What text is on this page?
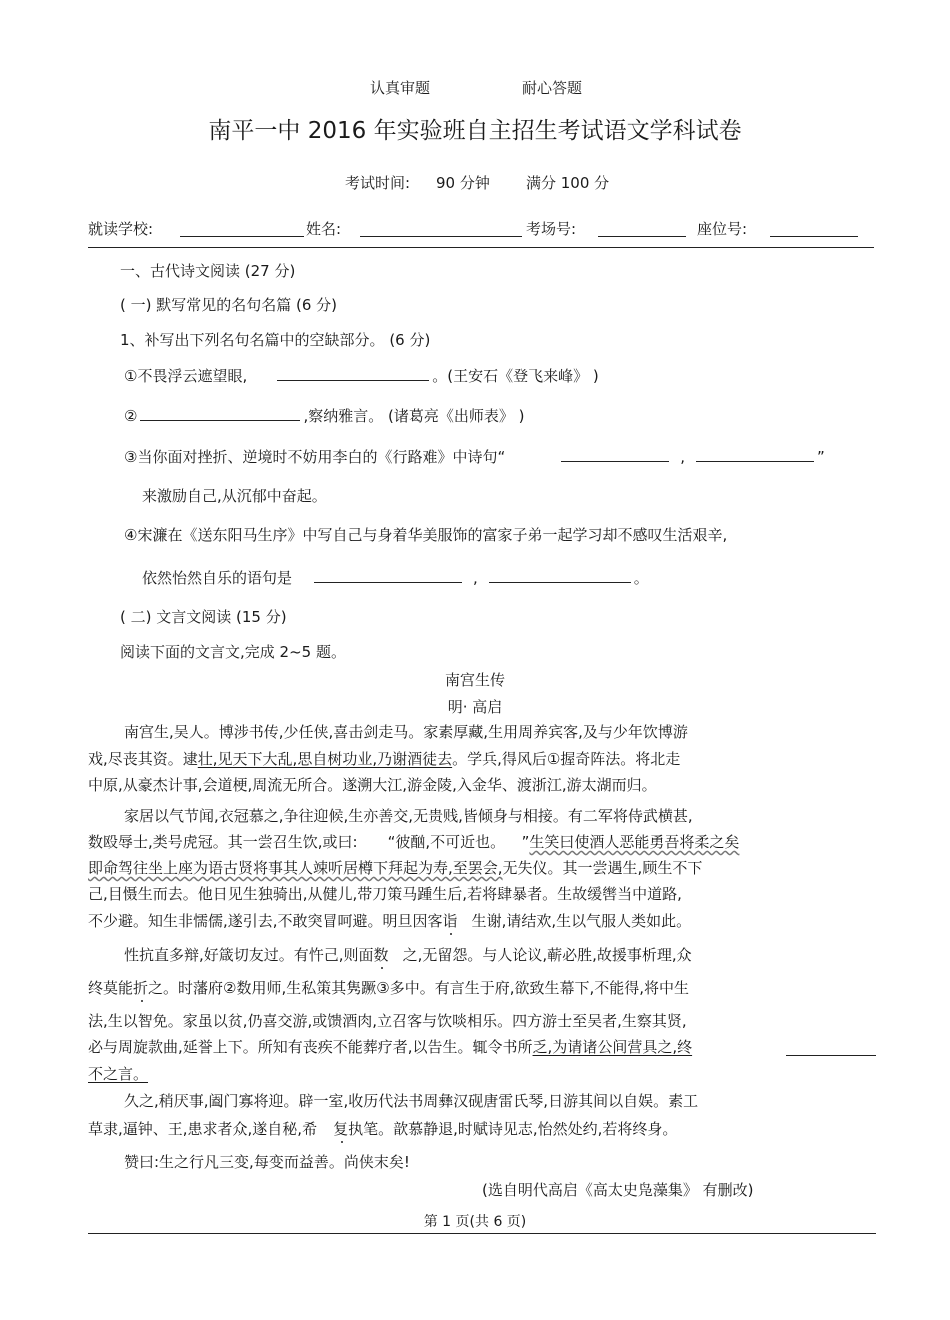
认真审题	耐心答题
南平一中 2016 年实验班自主招生考试语文学科试卷
考试时间: 90 分钟 满分 100 分
就读学校:	姓名:	考场号:	座位号:
一、古代诗文阅读 (27 分)
( 一) 默写常见的名句名篇 (6 分)
1、补写出下列名句名篇中的空缺部分。 (6 分)
①不畏浮云遮望眼,	。(王安石《登飞来峰》 )
②	,察纳雅言。 (诸葛亮《出师表》 )
③当你面对挫折、逆境时不妨用李白的《行路难》中诗句“	,	”
来激励自己,从沉郁中奋起。
④宋濂在《送东阳马生序》中写自己与身着华美服饰的富家子弟一起学习却不感叹生活艰辛,
依然怡然自乐的语句是	,	。
( 二) 文言文阅读 (15 分)
阅读下面的文言文,完成 2~5 题。
南宫生传
明· 高启
南宫生,吴人。博涉书传,少任侠,喜击剑走马。家素厚藏,生用周养宾客,及与少年饮博游
戏,尽丧其资。逮壮,见天下大乱,思自树功业,乃谢酒徒去。学兵,得风后①握奇阵法。将北走
中原,从豪杰计事,会道梗,周流无所合。遂溯大江,游金陵,入金华、渡浙江,游太湖而归。
家居以气节闻,衣冠慕之,争往迎候,生亦善交,无贵贱,皆倾身与相接。有二军将侍武横甚,
数殴辱士,类号虎冠。其一尝召生饮,或曰: “彼酗,不可近也。 ”生笑曰使酒人恶能勇吾将柔之矣
即命驾往坐上座为语古贤将事其人竦听居樽下拜起为寿,至罢会,无失仪。其一尝遇生,顾生不下
己,目慑生而去。他日见生独骑出,从健儿,带刀策马踵生后,若将肆暴者。生故缓辔当中道路,
不少避。知生非懦儒,遂引去,不敢突冒呵避。明旦因客诣 生谢,请结欢,生以气服人类如此。
性抗直多辩,好箴切友过。有忤己,则面数 之,无留怨。与人论议,蕲必胜,故援事析理,众
终莫能折之。时藩府②数用师,生私策其隽蹶③多中。有言生于府,欲致生幕下,不能得,将中生
法,生以智免。家虽以贫,仍喜交游,或馈酒肉,立召客与饮啖相乐。四方游士至吴者,生察其贤,
必与周旋款曲,延誉上下。所知有丧疾不能葬疗者,以告生。辄令书所乏,为请诸公间营具之,终
不之言。
久之,稍厌事,阖门寡将迎。辟一室,收历代法书周彝汉砚唐雷氏琴,日游其间以自娱。素工
草隶,逼钟、王,患求者众,遂自秘,希 复执笔。歆慕静退,时赋诗见志,怡然处约,若将终身。
赞曰:生之行凡三变,每变而益善。尚侠末矣!
(选自明代高启《高太史凫藻集》 有删改)
第 1 页(共 6 页)
